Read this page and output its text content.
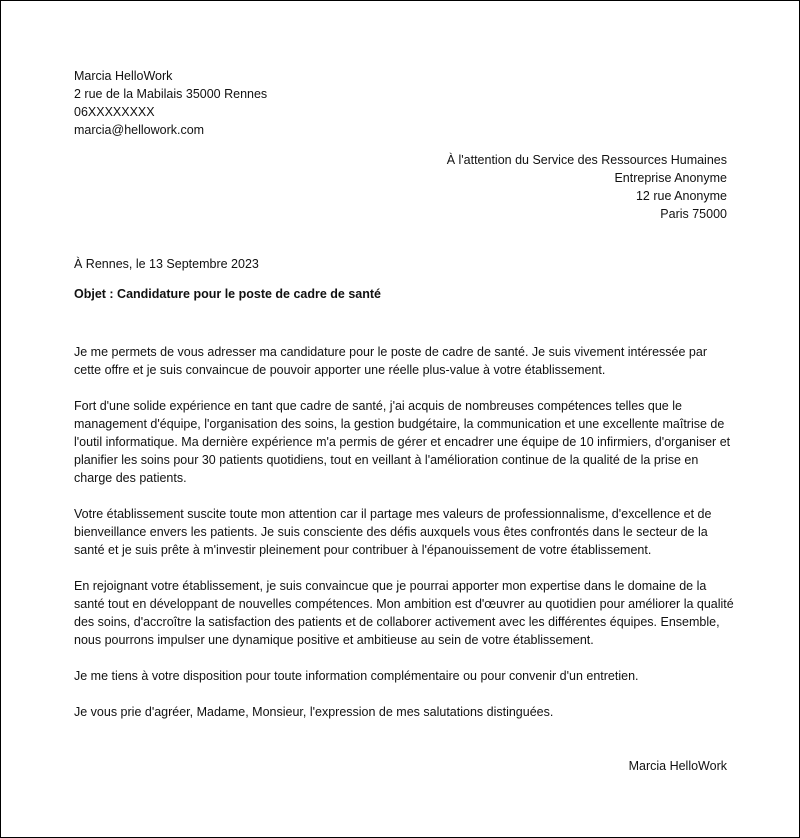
Marcia HelloWork
2 rue de la Mabilais 35000 Rennes
06XXXXXXXX
marcia@hellowork.com
À l'attention du Service des Ressources Humaines
Entreprise Anonyme
12 rue Anonyme
Paris 75000
À Rennes, le 13 Septembre 2023
Objet : Candidature pour le poste de cadre de santé

Je me permets de vous adresser ma candidature pour le poste de cadre de santé. Je suis vivement intéressée par cette offre et je suis convaincue de pouvoir apporter une réelle plus-value à votre établissement.

Fort d'une solide expérience en tant que cadre de santé, j'ai acquis de nombreuses compétences telles que le management d'équipe, l'organisation des soins, la gestion budgétaire, la communication et une excellente maîtrise de l'outil informatique. Ma dernière expérience m'a permis de gérer et encadrer une équipe de 10 infirmiers, d'organiser et planifier les soins pour 30 patients quotidiens, tout en veillant à l'amélioration continue de la qualité de la prise en charge des patients.

Votre établissement suscite toute mon attention car il partage mes valeurs de professionnalisme, d'excellence et de bienveillance envers les patients. Je suis consciente des défis auxquels vous êtes confrontés dans le secteur de la santé et je suis prête à m'investir pleinement pour contribuer à l'épanouissement de votre établissement.

En rejoignant votre établissement, je suis convaincue que je pourrai apporter mon expertise dans le domaine de la santé tout en développant de nouvelles compétences. Mon ambition est d'œuvrer au quotidien pour améliorer la qualité des soins, d'accroître la satisfaction des patients et de collaborer activement avec les différentes équipes. Ensemble, nous pourrons impulser une dynamique positive et ambitieuse au sein de votre établissement.

Je me tiens à votre disposition pour toute information complémentaire ou pour convenir d'un entretien.

Je vous prie d'agréer, Madame, Monsieur, l'expression de mes salutations distinguées.

Marcia HelloWork
